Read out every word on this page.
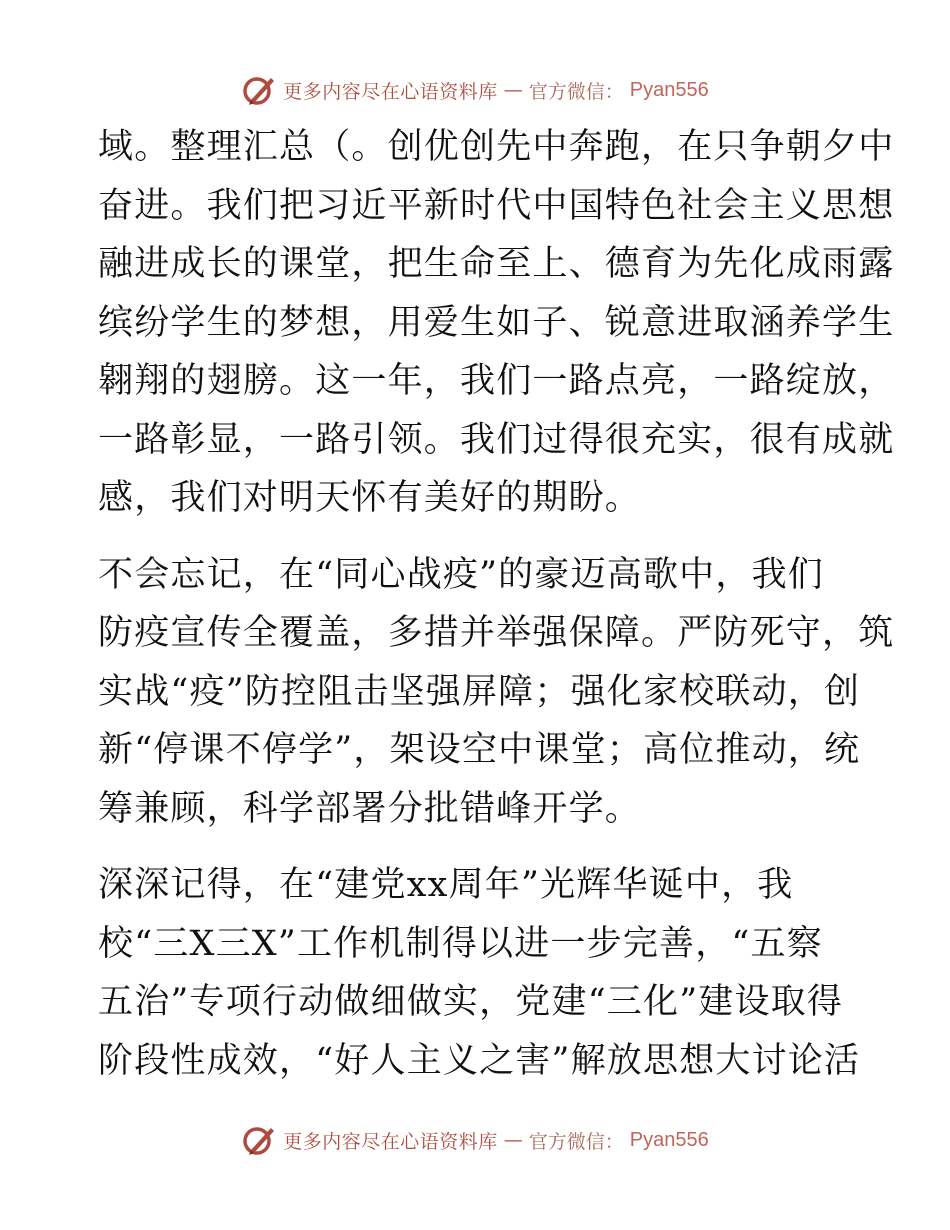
更多内容尽在心语资料库 — 官方微信： Pyan556
域。整理汇总（。创优创先中奔跑，在只争朝夕中
奋进。我们把习近平新时代中国特色社会主义思想
融进成长的课堂，把生命至上、德育为先化成雨露
缤纷学生的梦想，用爱生如子、锐意进取涵养学生
翱翔的翅膀。这一年，我们一路点亮，一路绽放，
一路彰显，一路引领。我们过得很充实，很有成就
感，我们对明天怀有美好的期盼。
不会忘记，在“同心战疫”的豪迈高歌中，我们
防疫宣传全覆盖，多措并举强保障。严防死守，筑
实战“疫”防控阻击坚强屏障；强化家校联动，创
新“停课不停学”，架设空中课堂；高位推动，统
筹兼顾，科学部署分批错峰开学。
深深记得，在“建党xx周年”光辉华诞中，我
校“三X三X”工作机制得以进一步完善，“五察
五治”专项行动做细做实，党建“三化”建设取得
阶段性成效，“好人主义之害”解放思想大讨论活
更多内容尽在心语资料库 — 官方微信： Pyan556
